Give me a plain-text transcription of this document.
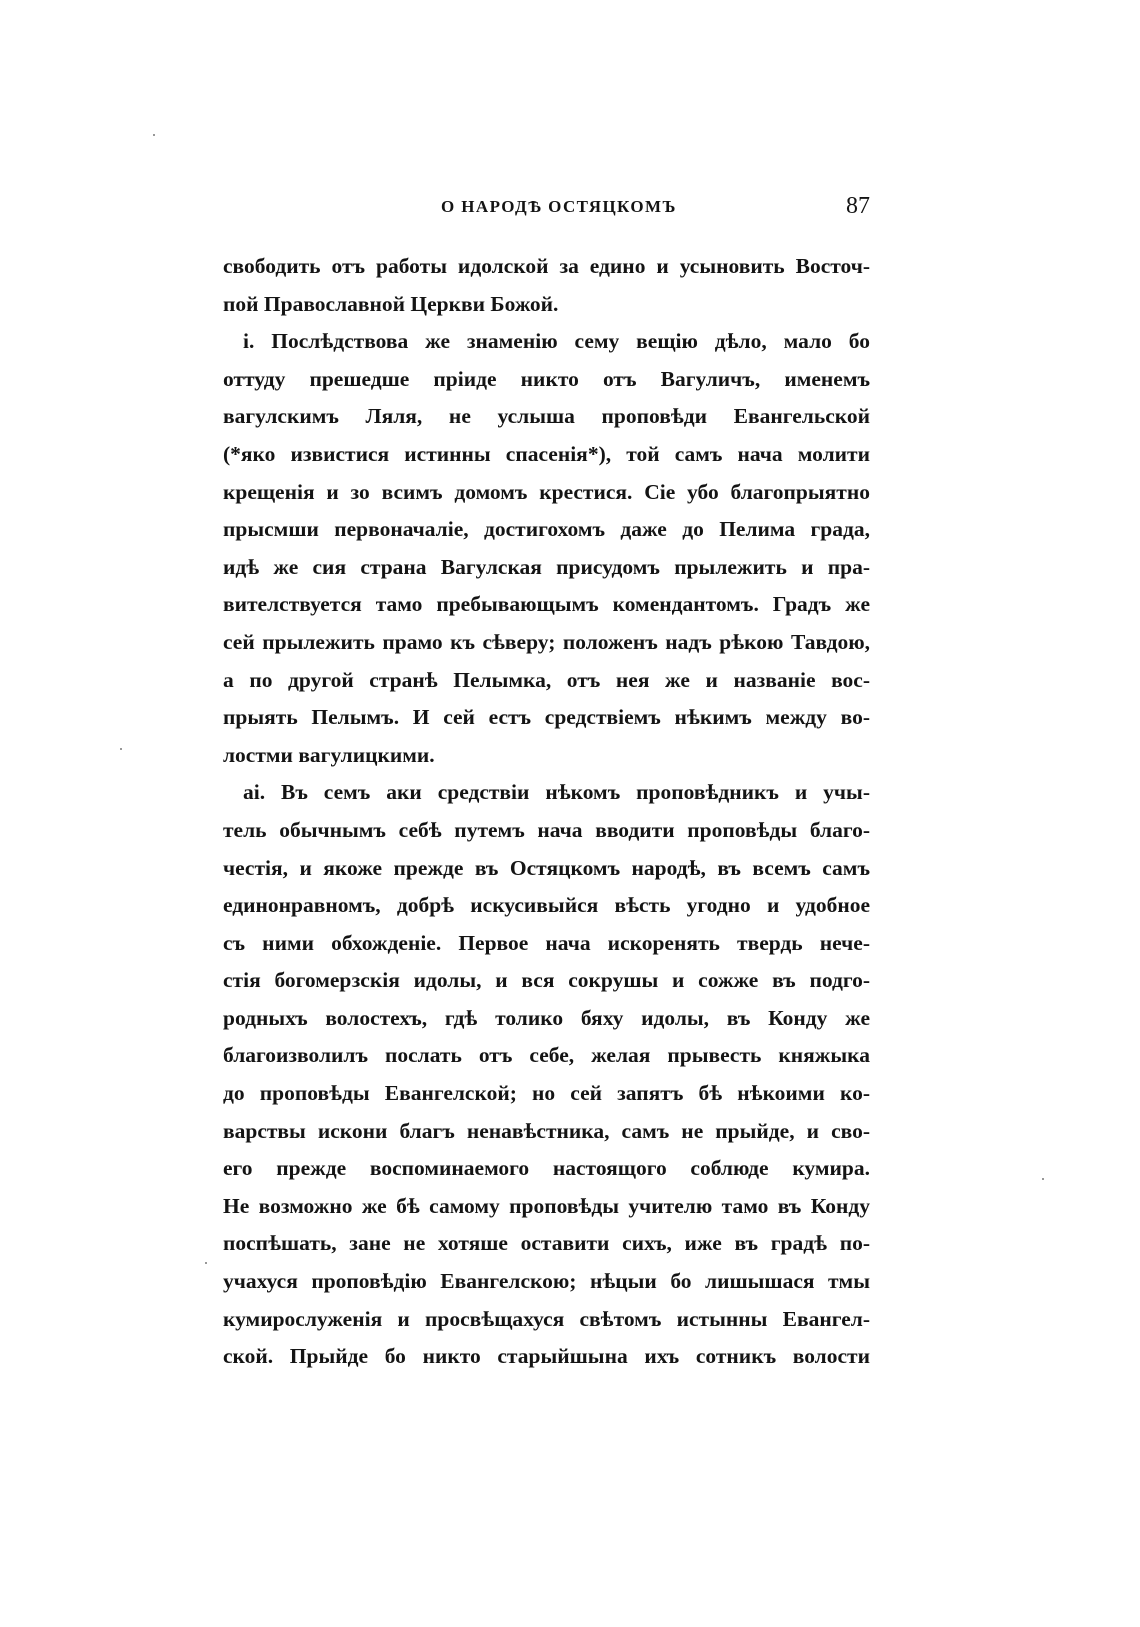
О НАРОДѢ ОСТЯЦКОМЪ	87
свободить отъ работы идолской за едино и усыновить Восточ-
пой Православной Церкви Божой.
і. Послѣдствова же знаменію сему вещію дѣло, мало бо
оттуду прешедше пріиде никто отъ Вагуличъ, именемъ
вагулскимъ Ляля, не услыша проповѣди Евангельской
(*яко извистися истинны спасенія*), той самъ нача молити
крещенія и зо всимъ домомъ крестися. Сіе убо благопрыятно
прысмши первоначаліе, достигохомъ даже до Пелима града,
идѣ же сия страна Вагулская присудомъ прылежить и пра-
вителствуется тамо пребывающымъ комендантомъ. Градъ же
сей прылежить прамо къ сѣверу; положенъ надъ рѣкою Тавдою,
а по другой странѣ Пелымка, отъ нея же и названіе вос-
прыять Пелымъ. И сей естъ средствіемъ нѣкимъ между во-
лостми вагулицкими.
аі. Въ семъ аки средствіи нѣкомъ проповѣдникъ и учы-
тель обычнымъ себѣ путемъ нача вводити проповѣды благо-
честія, и якоже прежде въ Остяцкомъ народѣ, въ всемъ самъ
единонравномъ, добрѣ искусивыйся вѣсть угодно и удобное
съ ними обхожденіе. Первое нача искоренять твердь нече-
стія богомерзскія идолы, и вся сокрушы и сожже въ подго-
родныхъ волостехъ, гдѣ толико бяху идолы, въ Конду же
благоизволилъ послать отъ себе, желая прывесть княжыка
до проповѣды Евангелской; но сей запятъ бѣ нѣкоими ко-
варствы искони благъ ненавѣстника, самъ не прыйде, и сво-
его прежде воспоминаемого настоящого соблюде кумира.
Не возможно же бѣ самому проповѣды учителю тамо въ Конду
поспѣшать, зане не хотяше оставити сихъ, иже въ градѣ по-
учахуся проповѣдію Евангелскою; нѣцыи бо лишышася тмы
кумирослуженія и просвѣщахуся свѣтомъ истынны Евангел-
ской. Прыйде бо никто старыйшына ихъ сотникъ волости
